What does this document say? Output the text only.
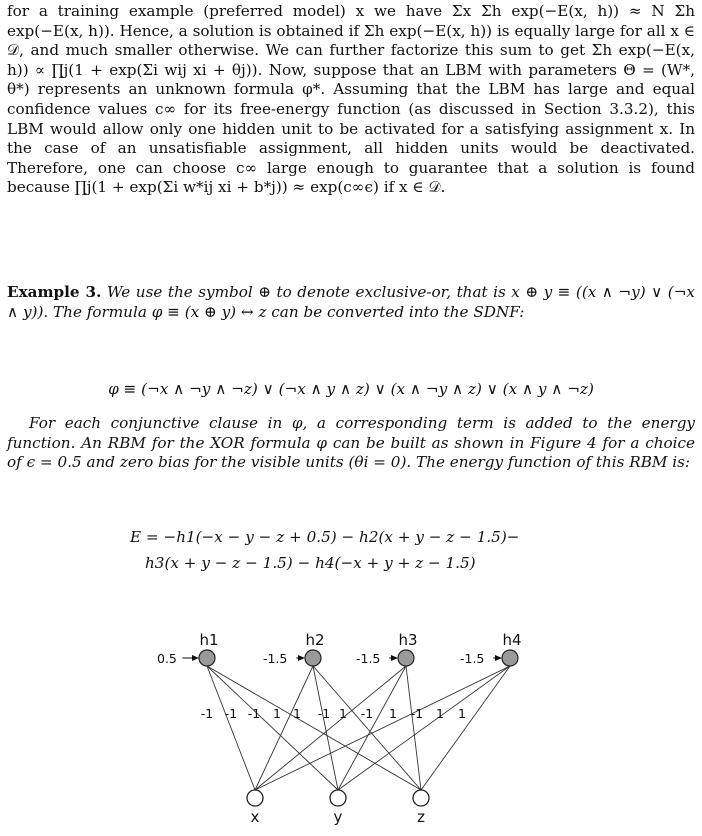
for a training example (preferred model) x we have Σx Σh exp(−E(x, h)) ≈ N Σh exp(−E(x, h)). Hence, a solution is obtained if Σh exp(−E(x, h)) is equally large for all x ∈ 𝒟, and much smaller otherwise. We can further factorize this sum to get Σh exp(−E(x, h)) ∝ ∏j(1 + exp(Σi wij xi + θj)). Now, suppose that an LBM with parameters Θ = (W*, θ*) represents an unknown formula φ*. Assuming that the LBM has large and equal confidence values c∞ for its free-energy function (as discussed in Section 3.3.2), this LBM would allow only one hidden unit to be activated for a satisfying assignment x. In the case of an unsatisfiable assignment, all hidden units would be deactivated. Therefore, one can choose c∞ large enough to guarantee that a solution is found because ∏j(1 + exp(Σi w*ij xi + b*j)) ≈ exp(c∞ϵ) if x ∈ 𝒟.

Example 3. We use the symbol ⊕ to denote exclusive-or, that is x ⊕ y ≡ ((x ∧ ¬y) ∨ (¬x ∧ y)). The formula φ ≡ (x ⊕ y) ↔ z can be converted into the SDNF:

φ ≡ (¬x ∧ ¬y ∧ ¬z) ∨ (¬x ∧ y ∧ z) ∨ (x ∧ ¬y ∧ z) ∨ (x ∧ y ∧ ¬z)

For each conjunctive clause in φ, a corresponding term is added to the energy function. An RBM for the XOR formula φ can be built as shown in Figure 4 for a choice of ϵ = 0.5 and zero bias for the visible units (θi = 0). The energy function of this RBM is:

E = −h1(−x − y − z + 0.5) − h2(x + y − z − 1.5)−
h3(x + y − z − 1.5) − h4(−x + y + z − 1.5)
h1
0.5
h2
-1.5
h3
-1.5
h4
-1.5
x	y	z
-1 -1 -1 1 1 -1 1 -1 1 -1 1 1
